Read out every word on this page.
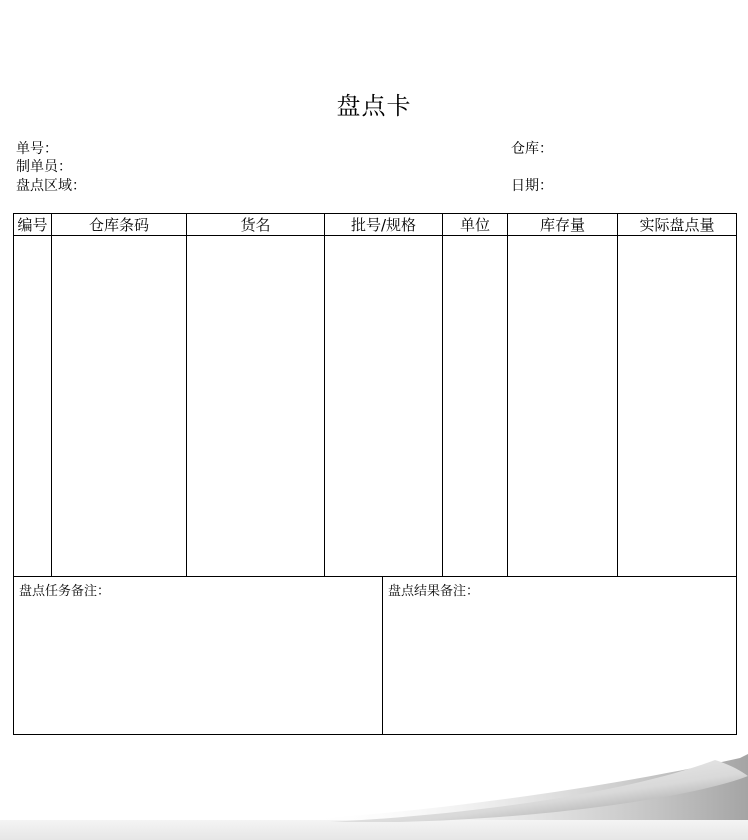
盘点卡
单号：
制单员：
盘点区域：
仓库：
日期：
编号	仓库条码	货名	批号/规格	单位	库存量	实际盘点量

盘点任务备注：	盘点结果备注：
